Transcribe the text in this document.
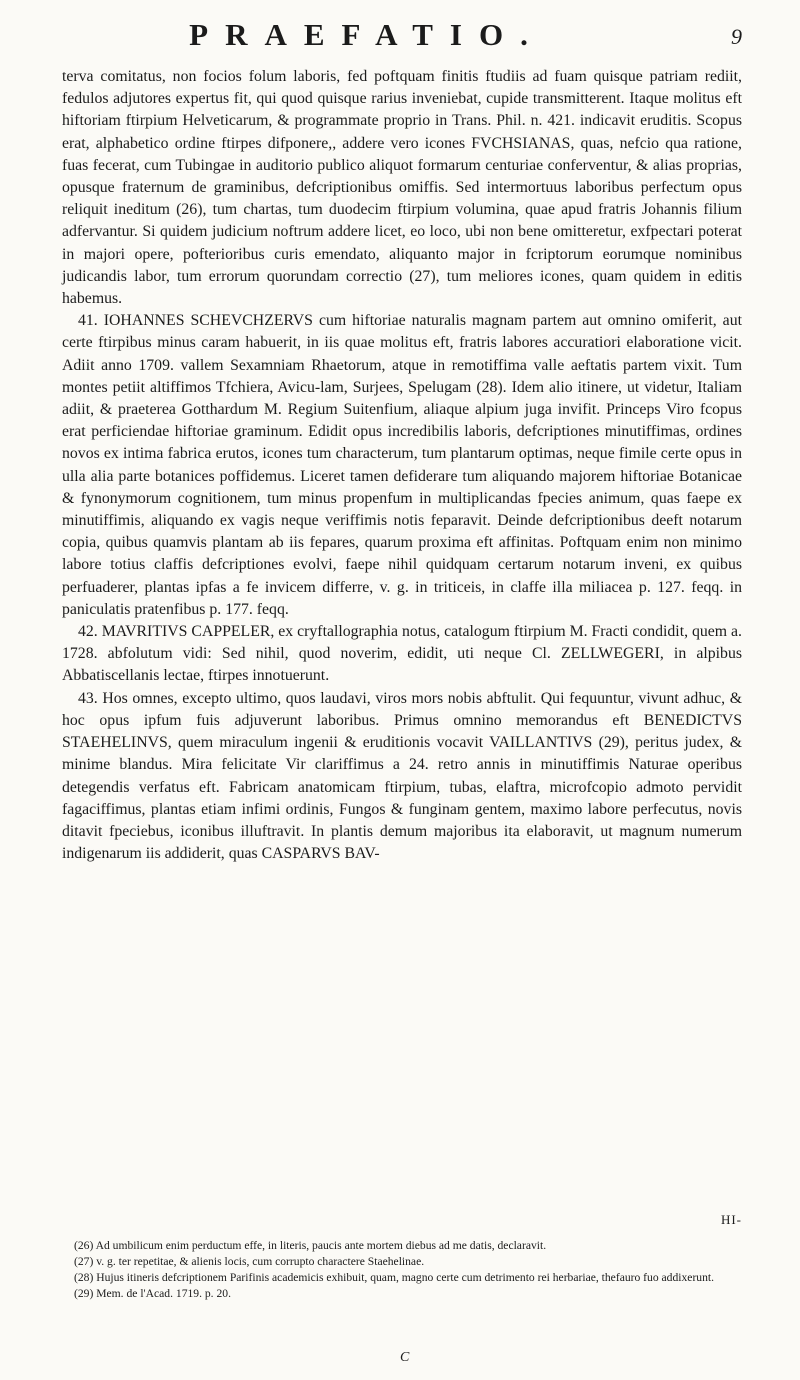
PRAEFATIO.	9

terva comitatus, non focios folum laboris, fed poftquam finitis ftudiis ad fuam quisque patriam rediit, fedulos adjutores expertus fit, qui quod quisque rarius inveniebat, cupide transmitterent. Itaque molitus eft hiftoriam ftirpium Helveticarum, & programmate proprio in Trans. Phil. n. 421. indicavit eruditis. Scopus erat, alphabetico ordine ftirpes difponere,, addere vero icones FVCHSIANAS, quas, nefcio qua ratione, fuas fecerat, cum Tubingae in auditorio publico aliquot formarum centuriae conferventur, & alias proprias, opusque fraternum de graminibus, defcriptionibus omiffis. Sed intermortuus laboribus perfectum opus reliquit ineditum (26), tum chartas, tum duodecim ftirpium volumina, quae apud fratris Johannis filium adfervantur. Si quidem judicium noftrum addere licet, eo loco, ubi non bene omitteretur, exfpectari poterat in majori opere, pofterioribus curis emendato, aliquanto major in fcriptorum eorumque nominibus judicandis labor, tum errorum quorundam correctio (27), tum meliores icones, quam quidem in editis habemus.

41. IOHANNES SCHEVCHZERVS cum hiftoriae naturalis magnam partem aut omnino omiferit, aut certe ftirpibus minus caram habuerit, in iis quae molitus eft, fratris labores accuratiori elaboratione vicit. Adiit anno 1709. vallem Sexamniam Rhaetorum, atque in remotiffima valle aeftatis partem vixit. Tum montes petiit altiffimos Tfchiera, Avicu-lam, Surjees, Spelugam (28). Idem alio itinere, ut videtur, Italiam adiit, & praeterea Gotthardum M. Regium Suitenfium, aliaque alpium juga invifit. Princeps Viro fcopus erat perficiendae hiftoriae graminum. Edidit opus incredibilis laboris, defcriptiones minutiffimas, ordines novos ex intima fabrica erutos, icones tum characterum, tum plantarum optimas, neque fimile certe opus in ulla alia parte botanices poffidemus. Liceret tamen defiderare tum aliquando majorem hiftoriae Botanicae & fynonymorum cognitionem, tum minus propenfum in multiplicandas fpecies animum, quas faepe ex minutiffimis, aliquando ex vagis neque veriffimis notis feparavit. Deinde defcriptionibus deeft notarum copia, quibus quamvis plantam ab iis fepares, quarum proxima eft affinitas. Poftquam enim non minimo labore totius claffis defcriptiones evolvi, faepe nihil quidquam certarum notarum inveni, ex quibus perfuaderer, plantas ipfas a fe invicem differre, v. g. in triticeis, in claffe illa miliacea p. 127. feqq. in paniculatis pratenfibus p. 177. feqq.

42. MAVRITIVS CAPPELER, ex cryftallographia notus, catalogum ftirpium M. Fracti condidit, quem a. 1728. abfolutum vidi: Sed nihil, quod noverim, edidit, uti neque Cl. ZELLWEGERI, in alpibus Abbatiscellanis lectae, ftirpes innotuerunt.

43. Hos omnes, excepto ultimo, quos laudavi, viros mors nobis abftulit. Qui fequuntur, vivunt adhuc, & hoc opus ipfum fuis adjuverunt laboribus. Primus omnino memorandus eft BENEDICTVS STAEHELINVS, quem miraculum ingenii & eruditionis vocavit VAILLANTIVS (29), peritus judex, & minime blandus. Mira felicitate Vir clariffimus a 24. retro annis in minutiffimis Naturae operibus detegendis verfatus eft. Fabricam anatomicam ftirpium, tubas, elaftra, microfcopio admoto pervidit fagaciffimus, plantas etiam infimi ordinis, Fungos & funginam gentem, maximo labore perfecutus, novis ditavit fpeciebus, iconibus illuftravit. In plantis demum majoribus ita elaboravit, ut magnum numerum indigenarum iis addiderit, quas CASPARVS BAV-

HI-

(26) Ad umbilicum enim perductum effe, in literis, paucis ante mortem diebus ad me datis, declaravit.

(27) v. g. ter repetitae, & alienis locis, cum corrupto charactere Staehelinae.

(28) Hujus itineris defcriptionem Parifinis academicis exhibuit, quam, magno certe cum detrimento rei herbariae, thefauro fuo addixerunt.

(29) Mem. de l'Acad. 1719. p. 20.

C
